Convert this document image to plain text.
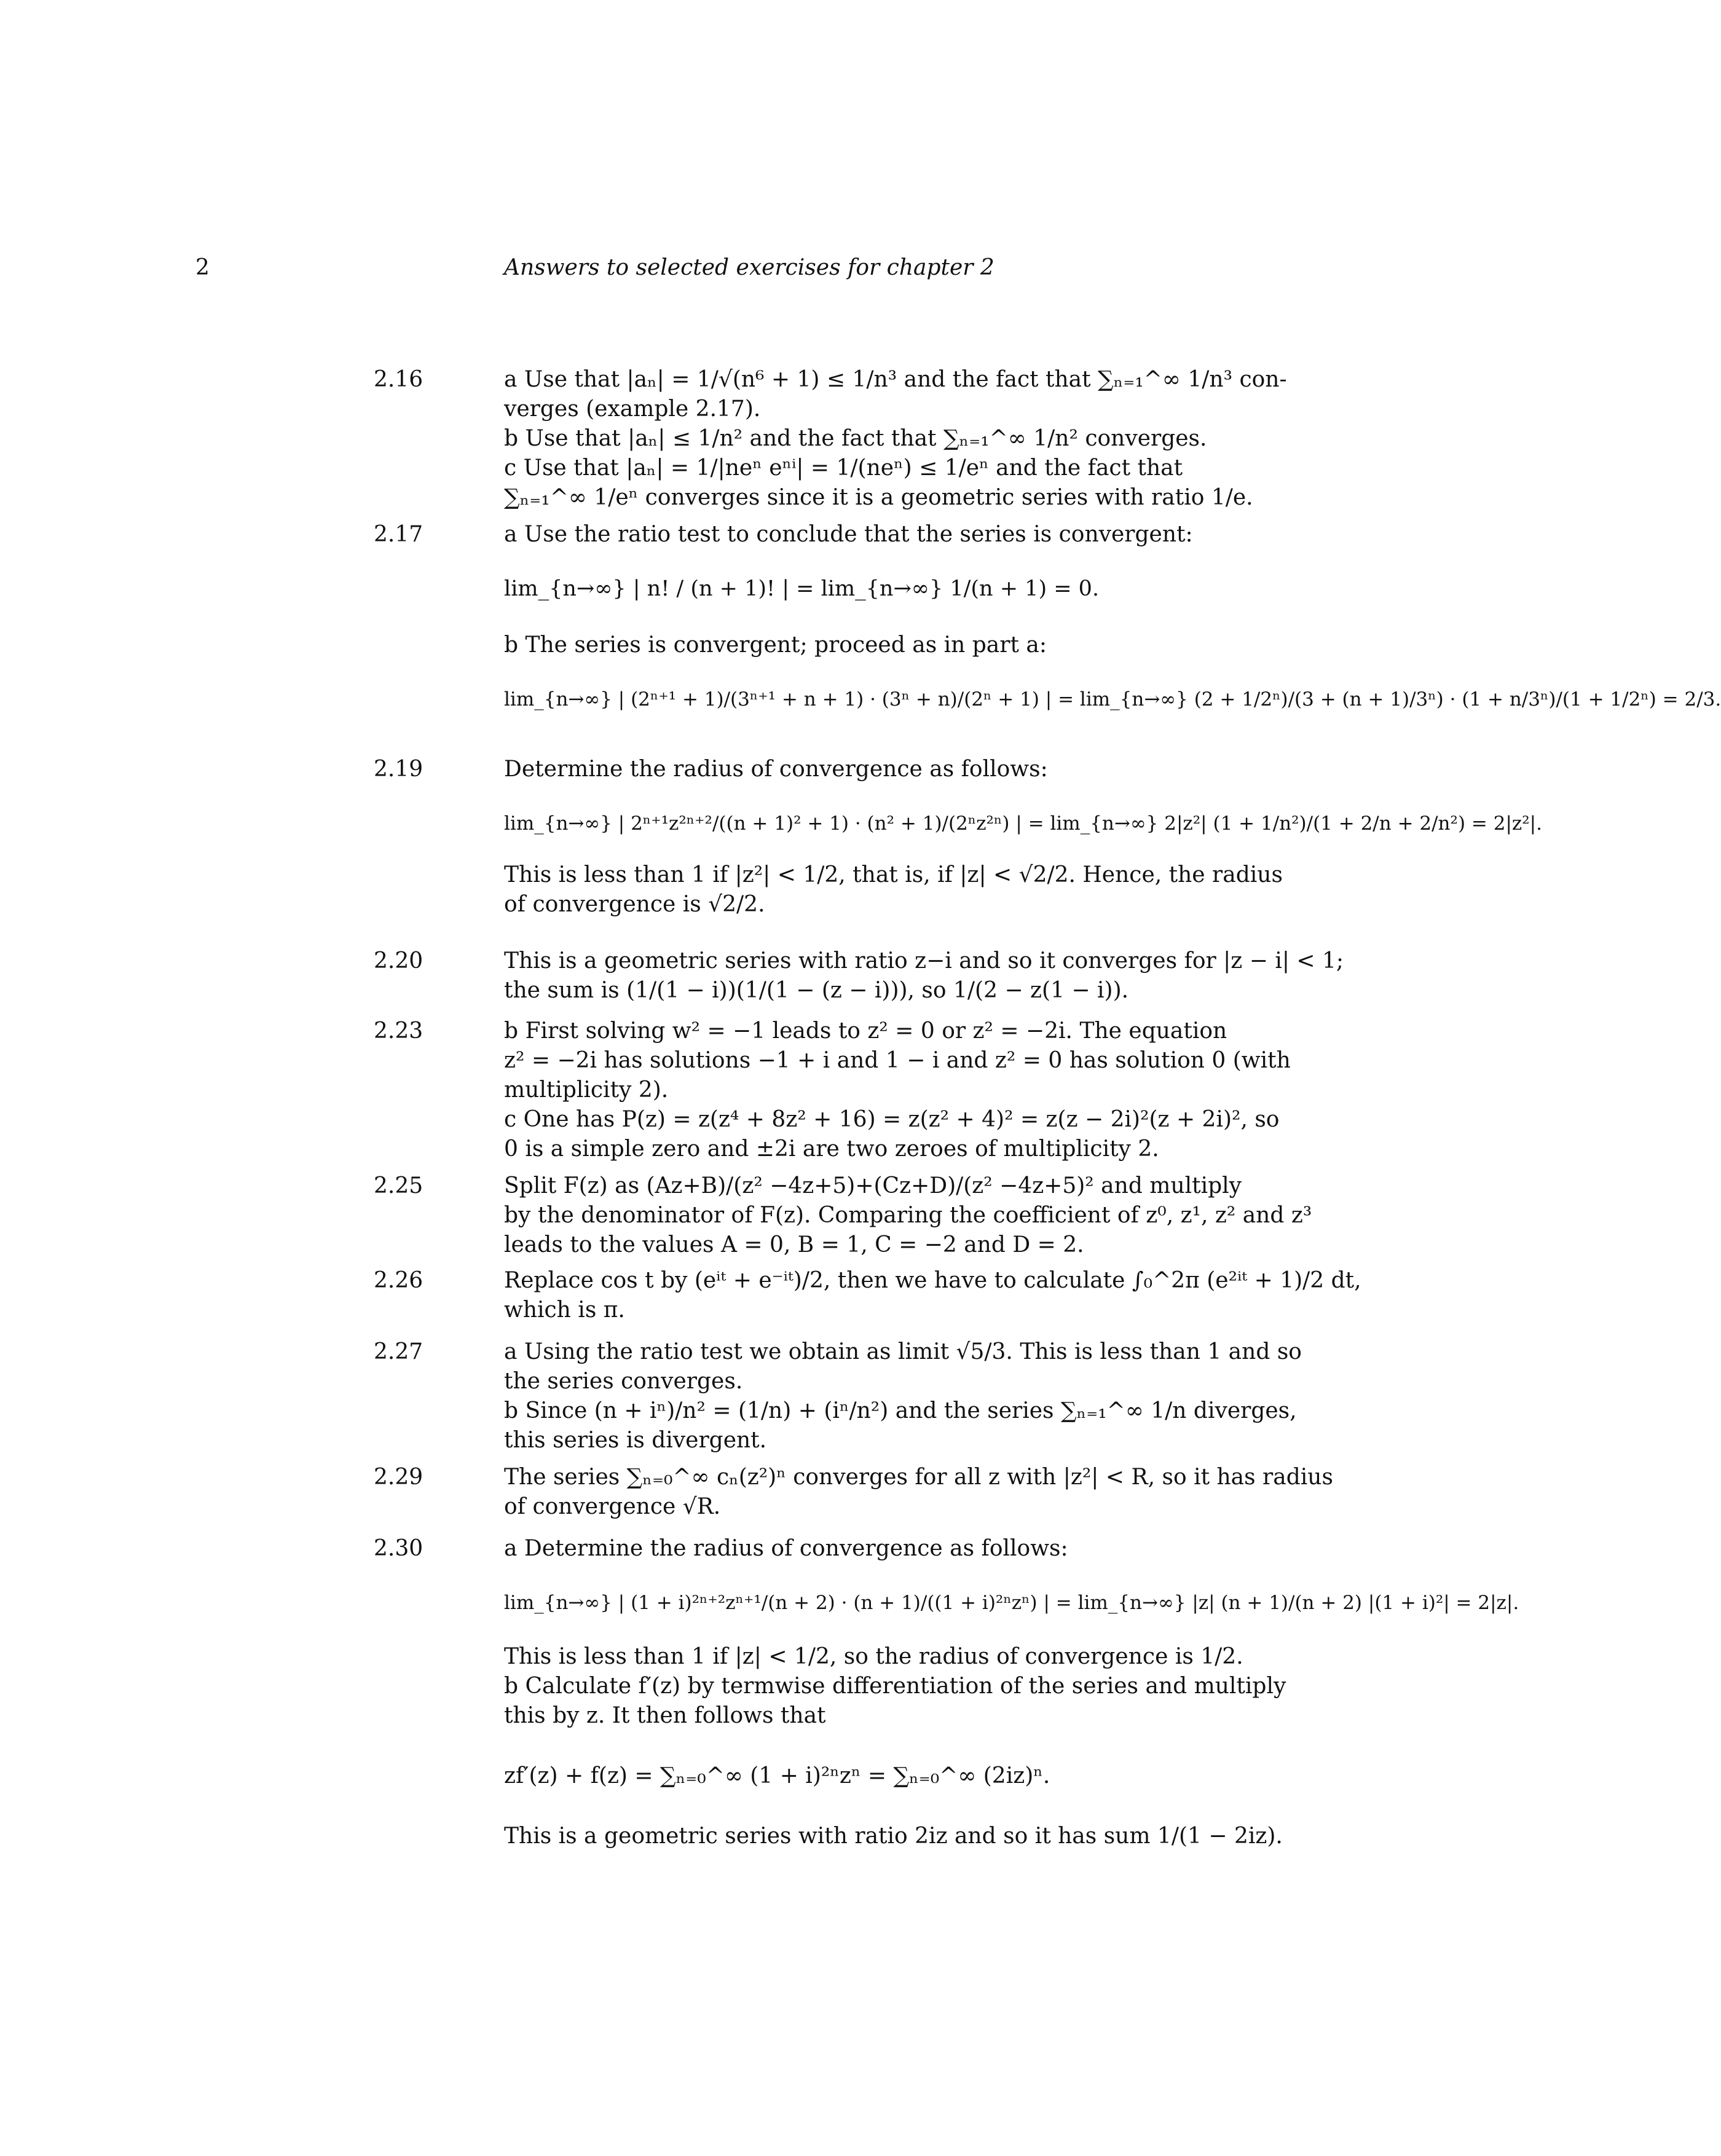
2	Answers to selected exercises for chapter 2
2.16	a Use that |aₙ| = 1/√(n⁶ + 1) ≤ 1/n³ and the fact that ∑ₙ₌₁^∞ 1/n³ con-
verges (example 2.17).
b Use that |aₙ| ≤ 1/n² and the fact that ∑ₙ₌₁^∞ 1/n² converges.
c Use that |aₙ| = 1/|neⁿ eⁿⁱ| = 1/(neⁿ) ≤ 1/eⁿ and the fact that
∑ₙ₌₁^∞ 1/eⁿ converges since it is a geometric series with ratio 1/e.
2.17	a Use the ratio test to conclude that the series is convergent:
lim_{n→∞} | n! / (n + 1)! | = lim_{n→∞} 1/(n + 1) = 0.
b The series is convergent; proceed as in part a:
lim_{n→∞} | (2ⁿ⁺¹ + 1)/(3ⁿ⁺¹ + n + 1) · (3ⁿ + n)/(2ⁿ + 1) | = lim_{n→∞} (2 + 1/2ⁿ)/(3 + (n + 1)/3ⁿ) · (1 + n/3ⁿ)/(1 + 1/2ⁿ) = 2/3.
2.19	Determine the radius of convergence as follows:
lim_{n→∞} | 2ⁿ⁺¹z²ⁿ⁺²/((n + 1)² + 1) · (n² + 1)/(2ⁿz²ⁿ) | = lim_{n→∞} 2|z²| (1 + 1/n²)/(1 + 2/n + 2/n²) = 2|z²|.
This is less than 1 if |z²| < 1/2, that is, if |z| < √2/2. Hence, the radius
of convergence is √2/2.
2.20	This is a geometric series with ratio z−i and so it converges for |z − i| < 1;
the sum is (1/(1 − i))(1/(1 − (z − i))), so 1/(2 − z(1 − i)).
2.23	b First solving w² = −1 leads to z² = 0 or z² = −2i. The equation
z² = −2i has solutions −1 + i and 1 − i and z² = 0 has solution 0 (with
multiplicity 2).
c One has P(z) = z(z⁴ + 8z² + 16) = z(z² + 4)² = z(z − 2i)²(z + 2i)², so
0 is a simple zero and ±2i are two zeroes of multiplicity 2.
2.25	Split F(z) as (Az+B)/(z² −4z+5)+(Cz+D)/(z² −4z+5)² and multiply
by the denominator of F(z). Comparing the coefficient of z⁰, z¹, z² and z³
leads to the values A = 0, B = 1, C = −2 and D = 2.
2.26	Replace cos t by (eⁱᵗ + e⁻ⁱᵗ)/2, then we have to calculate ∫₀^2π (e²ⁱᵗ + 1)/2 dt,
which is π.
2.27	a Using the ratio test we obtain as limit √5/3. This is less than 1 and so
the series converges.
b Since (n + iⁿ)/n² = (1/n) + (iⁿ/n²) and the series ∑ₙ₌₁^∞ 1/n diverges,
this series is divergent.
2.29	The series ∑ₙ₌₀^∞ cₙ(z²)ⁿ converges for all z with |z²| < R, so it has radius
of convergence √R.
2.30	a Determine the radius of convergence as follows:
lim_{n→∞} | (1 + i)²ⁿ⁺²zⁿ⁺¹/(n + 2) · (n + 1)/((1 + i)²ⁿzⁿ) | = lim_{n→∞} |z| (n + 1)/(n + 2) |(1 + i)²| = 2|z|.
This is less than 1 if |z| < 1/2, so the radius of convergence is 1/2.
b Calculate f′(z) by termwise differentiation of the series and multiply
this by z. It then follows that
zf′(z) + f(z) = ∑ₙ₌₀^∞ (1 + i)²ⁿzⁿ = ∑ₙ₌₀^∞ (2iz)ⁿ.
This is a geometric series with ratio 2iz and so it has sum 1/(1 − 2iz).
